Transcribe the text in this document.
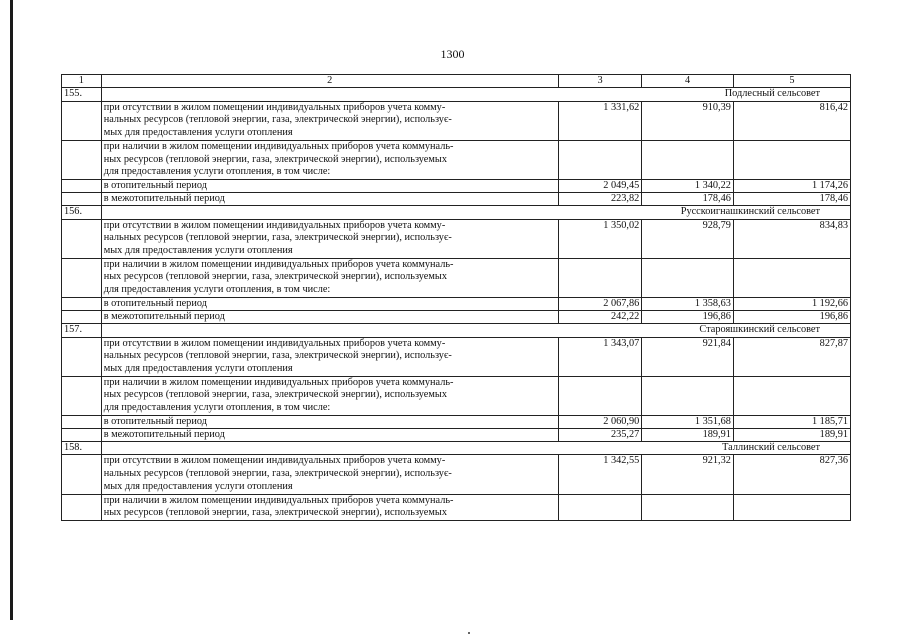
1300
1	2	3	4	5
155.	Подлесный сельсовет			
	при отсутствии в жилом помещении индивидуальных приборов учета комму-
нальных ресурсов (тепловой энергии, газа, электрической энергии), использує-
мых для предоставления услуги отопления	1 331,62	910,39	816,42
	при наличии в жилом помещении индивидуальных приборов учета коммуналь-
ных ресурсов (тепловой энергии, газа, электрической энергии), используемых
для предоставления услуги отопления, в том числе:			
	в отопительный период	2 049,45	1 340,22	1 174,26
	в межотопительный период	223,82	178,46	178,46
156.	Русскоигнашкинский сельсовет			
	при отсутствии в жилом помещении индивидуальных приборов учета комму-
нальных ресурсов (тепловой энергии, газа, электрической энергии), использує-
мых для предоставления услуги отопления	1 350,02	928,79	834,83
	при наличии в жилом помещении индивидуальных приборов учета коммуналь-
ных ресурсов (тепловой энергии, газа, электрической энергии), используемых
для предоставления услуги отопления, в том числе:			
	в отопительный период	2 067,86	1 358,63	1 192,66
	в межотопительный период	242,22	196,86	196,86
157.	Старояшкинский сельсовет			
	при отсутствии в жилом помещении индивидуальных приборов учета комму-
нальных ресурсов (тепловой энергии, газа, электрической энергии), использує-
мых для предоставления услуги отопления	1 343,07	921,84	827,87
	при наличии в жилом помещении индивидуальных приборов учета коммуналь-
ных ресурсов (тепловой энергии, газа, электрической энергии), используемых
для предоставления услуги отопления, в том числе:			
	в отопительный период	2 060,90	1 351,68	1 185,71
	в межотопительный период	235,27	189,91	189,91
158.	Таллинский сельсовет			
	при отсутствии в жилом помещении индивидуальных приборов учета комму-
нальных ресурсов (тепловой энергии, газа, электрической энергии), использує-
мых для предоставления услуги отопления	1 342,55	921,32	827,36
	при наличии в жилом помещении индивидуальных приборов учета коммуналь-
ных ресурсов (тепловой энергии, газа, электрической энергии), используемых			
